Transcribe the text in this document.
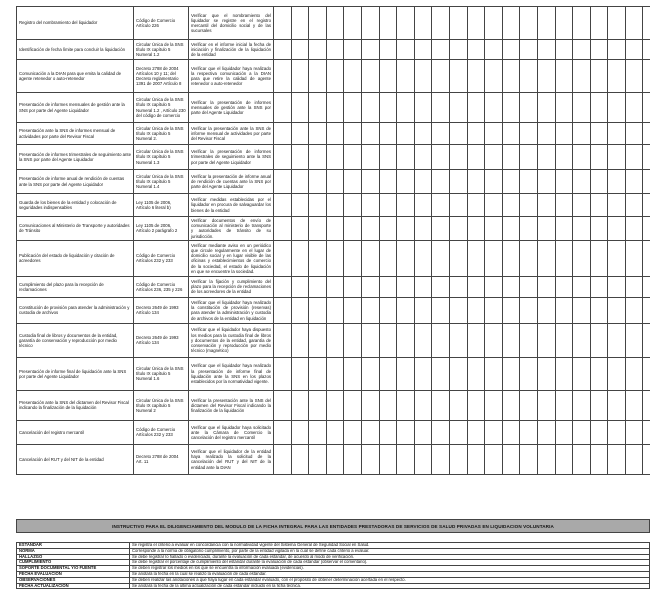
Registro del nombramiento del liquidador	Código de Comercio Artículo 226	Verificar que el nombramiento del liquidador se registre en el registro mercantil del domicilio social y de las sucursales																														
Identificación de fecha límite para concluir la liquidación	Circular Única de la SNS título IX capítulo 5 Numeral 1.2	Verificar en el informe inicial la fecha de iniciación y finalización de la liquidación de la entidad																														
Comunicación a la DIAN para que emita la calidad de agente retenedor o auto-retenedor	Decreto 2788 de 2004 Artículos 10 y 11; del Decreto reglamentario 1391 de 2007 Artículo 8	Verificar que el liquidador haya realizado la respectiva comunicación a la DIAN para que retire la calidad de agente retenedor o auto-retenedor																														
Presentación de informes mensuales de gestión ante la SNS por parte del Agente Liquidador	Circular Única de la SNS título IX capítulo 5 Numeral 1.2 , Artículo 230 del código de comercio	Verificar la presentación de informes mensuales de gestión ante la SNS por parte del Agente Liquidador																														
Presentación ante la SNS de informes mensual de actividades por parte del Revisor Fiscal	Circular Única de la SNS título IX capítulo 5 Numeral 2.	Verificar la presentación ante la SNS de informe mensual de actividades por parte del Revisor Fiscal																														
Presentación de informes trimestrales de seguimiento ante la SNS por parte del Agente Liquidador	Circular Única de la SNS título IX capítulo 5 Numeral 1.3	Verificar la presentación de informes trimestrales de seguimiento ante la SNS por parte del Agente Liquidador																														
Presentación de informe anual de rendición de cuentas ante la SNS por parte del Agente Liquidador	Circular Única de la SNS título IX capítulo 5 Numeral 1.4	Verificar la presentación de informe anual de rendición de cuentas ante la SNS por parte del Agente Liquidador																														
Guarda de los bienes de la entidad y colocación de seguridades indispensables	Ley 1105 de 2006, Artículo 6 literal b)	Verificar medidas establecidas por el liquidador en procura de salvaguardar los bienes de la entidad																														
Comunicaciones al Ministerio de Transporte y autoridades de Tránsito	Ley 1105 de 2006, Artículo 2 parágrafo 2	Verificar documentos de envío de comunicación al ministerio de transporte y autoridades de tránsito de su jurisdicción.																														
Publicación del estado de liquidación y citación de acreedores	Código de Comercio Artículos 232 y 233	Verificar mediante aviso en un periódico que circule regularmente en el lugar de domicilio social y en lugar visible de las oficinas y establecimientos de comercio de la sociedad, el estado de liquidación en que se encuentre la sociedad.																														
Cumplimiento del plazo para la recepción de reclamaciones	Código de Comercio Artículos 236, 235 y 226	Verificar la fijación y cumplimiento del plazo para la recepción de reclamaciones de los acreedores de la entidad																														
Constitución de provisión para atender la administración y custodia de archivos	Decreto 2649 de 1993 Artículo 134	Verificar que el liquidador haya realizado la constitución de provisión (reservas) para atender la administración y custodia de archivos de la entidad en liquidación																														
Custodia final de libros y documentos de la entidad, garantía de conservación y reproducción por medio técnico	Decreto 2649 de 1993 Artículo 134	Verificar que el liquidador haya dispuesto los medios para la custodia final de libros y documentos de la entidad, garantía de conservación y reproducción por medio técnico (magnético)																														
Presentación de informe final de liquidación ante la SNS por parte del Agente Liquidador	Circular Única de la SNS título IX capítulo 5 Numeral 1.6	Verificar que el liquidador haya realizado la presentación de informe final de liquidación ante la SNS en los plazos establecidos por la normatividad vigente.																														
Presentación ante la SNS del dictamen del Revisor Fiscal indicando la finalización de la liquidación	Circular Única de la SNS título IX capítulo 5 Numeral 2	Verificar la presentación ante la SNS del dictamen del Revisor Fiscal indicando la finalización de la liquidación																														
Cancelación del registro mercantil	Código de Comercio Artículos 232 y 233	Verificar que el liquidador haya solicitado ante la Cámara de Comercio la cancelación del registro mercantil																														
Cancelación del RUT y del NIT de la entidad	Decreto 2788 de 2004 Art. 11	Verificar que el liquidador de la entidad haya realizado la solicitud de la cancelación del RUT y del NIT de la entidad ante la DIAN																														
INSTRUCTIVO PARA EL DILIGENCIAMIENTO DEL MODULO DE LA FICHA INTEGRAL PARA LAS ENTIDADES PRESTADORAS DE SERVICIOS DE SALUD PRIVADAS EN LIQUIDACION VOLUNTARIA
ESTANDAR	Se registra el criterio a evaluar en concordancia con la normatividad vigente del Sistema General de Seguridad Social en Salud.
NORMA	Corresponde a la norma de obligatorio cumplimiento, por parte de la entidad vigilada en la cual se define cada criterio a evaluar.
HALLAZGO	Se debe registrar lo hallado o evidenciado, durante la evaluación de cada estándar, de acuerdo al modo de verificación.
CUMPLIMIENTO	Se debe registrar el porcentaje de cumplimiento del estándar durante la evaluación de cada estándar (observar el comentario).
SOPORTE DOCUMENTAL Y/O FUENTE	Se deben registrar los medios en los que se encuentra la información evaluada (evidencias).
FECHA EVALUACION	Se anotará la fecha en la cual se realizó la evaluación de cada estándar.
OBSERVACIONES	Se deben realizar las anotaciones a que haya lugar en cada estándar evaluado, con el propósito de obtener determinación acertada en el respecto.
FECHA ACTUALIZACION	Se anotará la fecha de la última actualización de cada estándar incluido en la ficha técnica.
